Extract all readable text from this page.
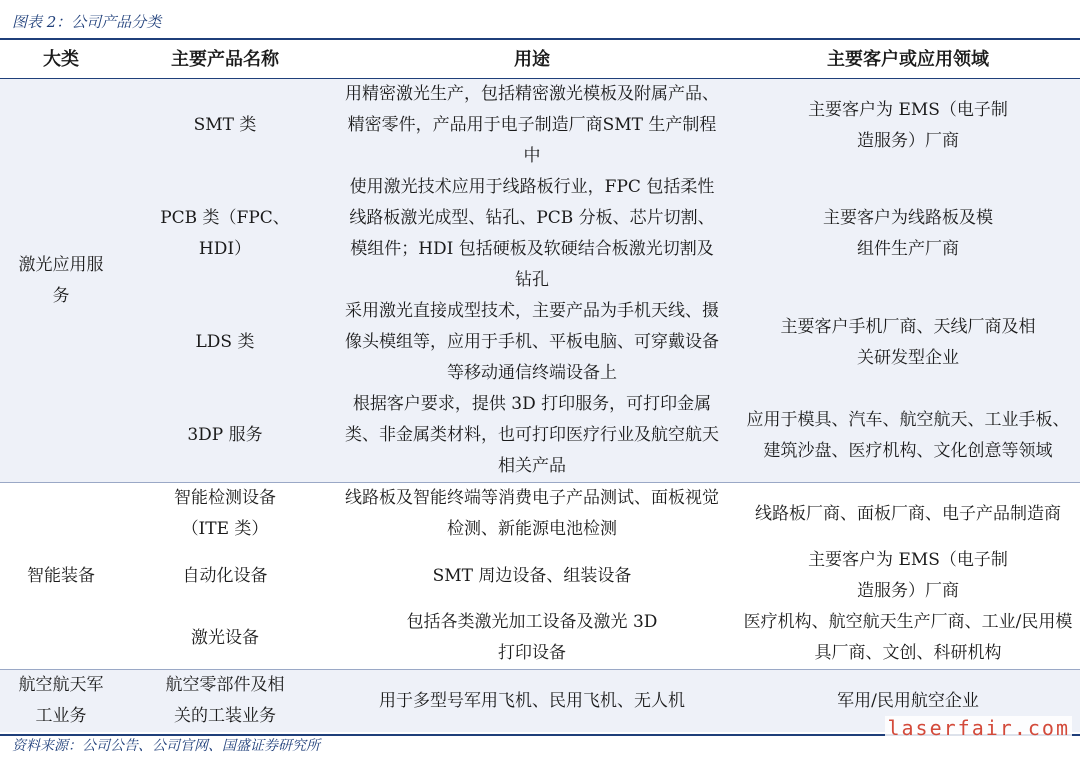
图表 2：公司产品分类
大类	主要产品名称	用途	主要客户或应用领域
激光应用服务	SMT 类	用精密激光生产，包括精密激光模板及附属产品、精密零件，产品用于电子制造厂商SMT 生产制程中	主要客户为 EMS（电子制造服务）厂商
	PCB 类（FPC、HDI）	使用激光技术应用于线路板行业，FPC 包括柔性线路板激光成型、钻孔、PCB 分板、芯片切割、模组件；HDI 包括硬板及软硬结合板激光切割及钻孔	主要客户为线路板及模组件生产厂商
	LDS 类	采用激光直接成型技术，主要产品为手机天线、摄像头模组等，应用于手机、平板电脑、可穿戴设备等移动通信终端设备上	主要客户手机厂商、天线厂商及相关研发型企业
	3DP 服务	根据客户要求，提供 3D 打印服务，可打印金属类、非金属类材料，也可打印医疗行业及航空航天相关产品	应用于模具、汽车、航空航天、工业手板、建筑沙盘、医疗机构、文化创意等领域
智能装备	智能检测设备（ITE 类）	线路板及智能终端等消费电子产品测试、面板视觉检测、新能源电池检测	线路板厂商、面板厂商、电子产品制造商
	自动化设备	SMT 周边设备、组装设备	主要客户为 EMS（电子制造服务）厂商
	激光设备	包括各类激光加工设备及激光 3D 打印设备	医疗机构、航空航天生产厂商、工业/民用模具厂商、文创、科研机构
航空航天军工业务	航空零部件及相关的工装业务	用于多型号军用飞机、民用飞机、无人机	军用/民用航空企业
资料来源：公司公告、公司官网、国盛证券研究所
laserfair.com
